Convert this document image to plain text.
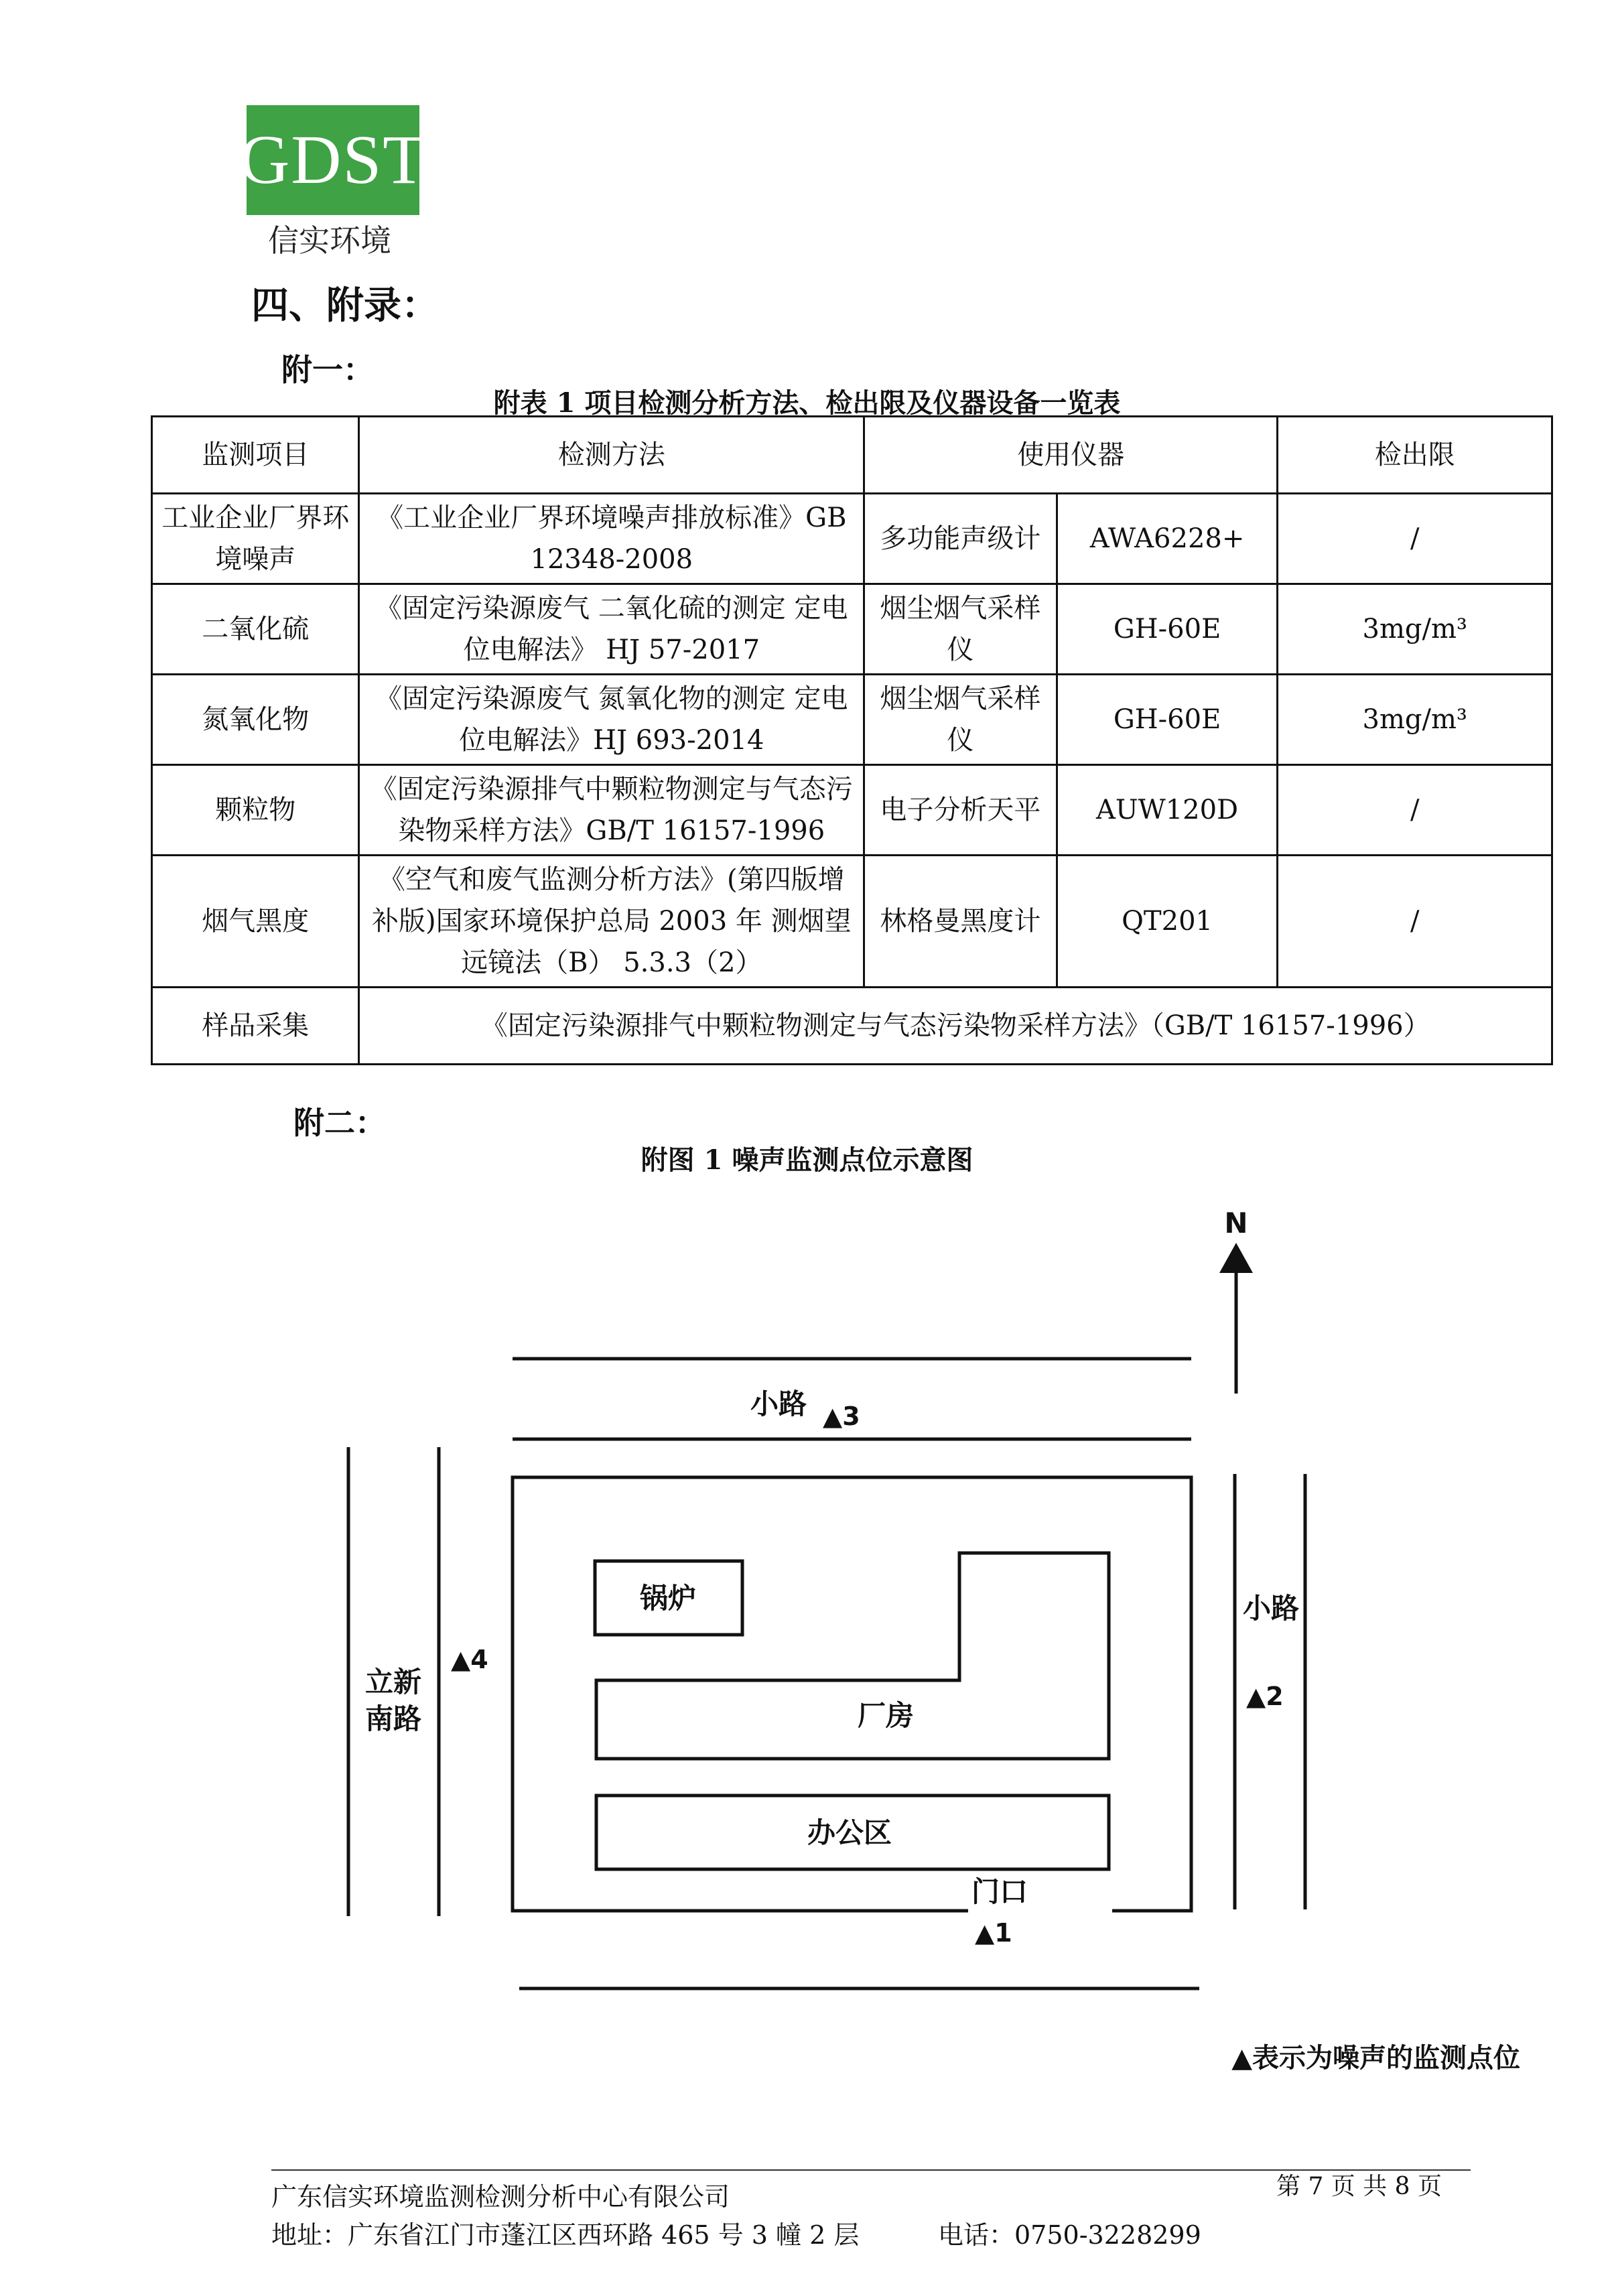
GDST
信实环境
四、附录：
附一：
附表 1 项目检测分析方法、检出限及仪器设备一览表
监测项目	检测方法	使用仪器		检出限
工业企业厂界环境噪声	《工业企业厂界环境噪声排放标准》GB 12348-2008	多功能声级计	AWA6228+	/
二氧化硫	《固定污染源废气 二氧化硫的测定 定电位电解法》 HJ 57-2017	烟尘烟气采样仪	GH-60E	3mg/m³
氮氧化物	《固定污染源废气 氮氧化物的测定 定电位电解法》HJ 693-2014	烟尘烟气采样仪	GH-60E	3mg/m³
颗粒物	《固定污染源排气中颗粒物测定与气态污染物采样方法》GB/T 16157-1996	电子分析天平	AUW120D	/
烟气黑度	《空气和废气监测分析方法》(第四版增补版)国家环境保护总局 2003 年 测烟望远镜法（B） 5.3.3（2）	林格曼黑度计	QT201	/
样品采集	《固定污染源排气中颗粒物测定与气态污染物采样方法》（GB/T 16157-1996）			
附二：
附图 1 噪声监测点位示意图
N
小路 ▲3
小路
▲2
立新
南路
▲4
锅炉
厂房
办公区
门口
▲1
▲表示为噪声的监测点位
广东信实环境监测检测分析中心有限公司	第 7 页 共 8 页
地址：广东省江门市蓬江区西环路 465 号 3 幢 2 层	电话：0750-3228299
